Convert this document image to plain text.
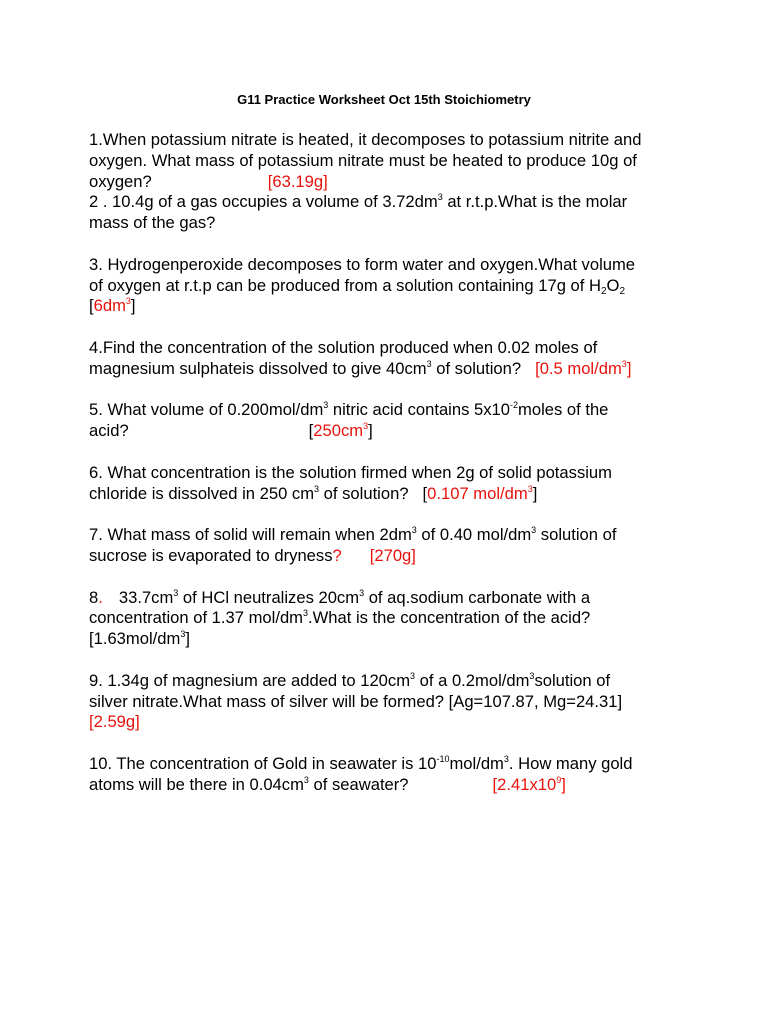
G11 Practice Worksheet Oct 15th Stoichiometry
1.When potassium nitrate is heated, it decomposes to potassium nitrite and
oxygen. What mass of potassium nitrate must be heated to produce 10g of
oxygen?	[63.19g]
2 . 10.4g of a gas occupies a volume of $3.72dm^3$ at r.t.p.What is the molar
mass of the gas?
3. Hydrogenperoxide decomposes to form water and oxygen.What volume
of oxygen at r.t.p can be produced from a solution containing 17g of $H_2O_2$
$[6dm^3]$
4.Find the concentration of the solution produced when 0.02 moles of
magnesium sulphateis dissolved to give $40cm^3$ of solution? [0.5 mol/$dm^3$]
5. What volume of $0.200mol/dm^3$ nitric acid contains $5x10^{-2}moles$ of the
acid?	$[250cm^3]$
6. What concentration is the solution firmed when 2g of solid potassium
chloride is dissolved in 250 $cm^3$ of solution? [0.107 mol/$dm^3$]
7. What mass of solid will remain when $2dm^3$ of 0.40 mol/$dm^3$ solution of
sucrose is evaporated to dryness? [270g]
8. $33.7cm^3$ of HCl neutralizes $20cm^3$ of aq.sodium carbonate with a
concentration of 1.37 mol/$dm^3.What$ is the concentration of the acid?
$[1.63mol/dm^3]$
9. 1.34g of magnesium are added to $120cm^3$ of a $0.2mol/dm^3solution$ of
silver nitrate.What mass of silver will be formed? [Ag=107.87, Mg=24.31]
[2.59g]
10. The concentration of Gold in seawater is $10^{-10}mol/dm^3$. How many gold
atoms will be there in $0.04cm^3$ of seawater?	$[2.41x10^9]$
